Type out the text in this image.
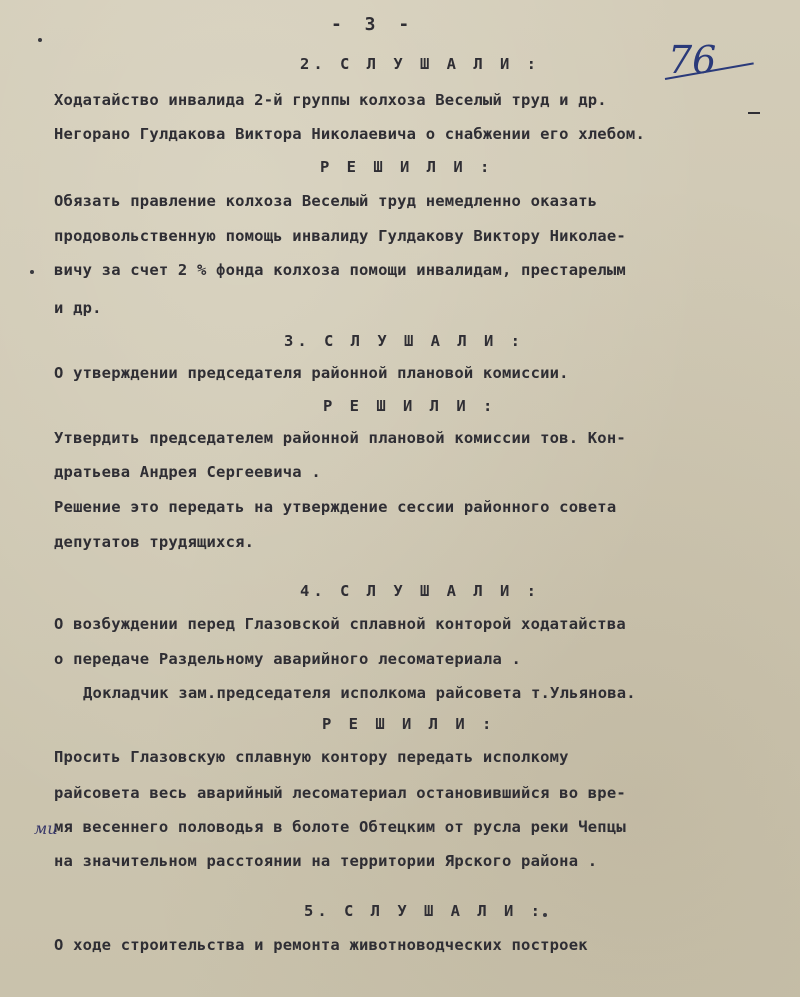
- 3 -
76
2. С Л У Ш А Л И :
Ходатайство инвалида 2-й группы колхоза Веселый труд и др.
Негорано Гулдакова Виктора Николаевича о снабжении его хлебом.
Р Е Ш И Л И :
Обязать правление колхоза Веселый труд немедленно оказать
продовольственную помощь инвалиду Гулдакову Виктору Николае-
вичу за счет 2 % фонда колхоза помощи инвалидам, престарелым
и др.
3. С Л У Ш А Л И :
О утверждении председателя районной плановой комиссии.
Р Е Ш И Л И :
Утвердить председателем районной плановой комиссии тов. Кон-
дратьева Андрея Сергеевича .
Решение это передать на утверждение сессии районного совета
депутатов трудящихся.
4. С Л У Ш А Л И :
О возбуждении перед Глазовской сплавной конторой ходатайства
о передаче Раздельному аварийного лесоматериала .
Докладчик зам.председателя исполкома райсовета т.Ульянова.
Р Е Ш И Л И :
Просить Глазовскую сплавную контору передать исполкому
райсовета весь аварийный лесоматериал остановившийся во вре-
мя весеннего половодья в болоте Обтецким от русла реки Чепцы
ми
на значительном расстоянии на территории Ярского района .
5. С Л У Ш А Л И :
О ходе строительства и ремонта животноводческих построек
